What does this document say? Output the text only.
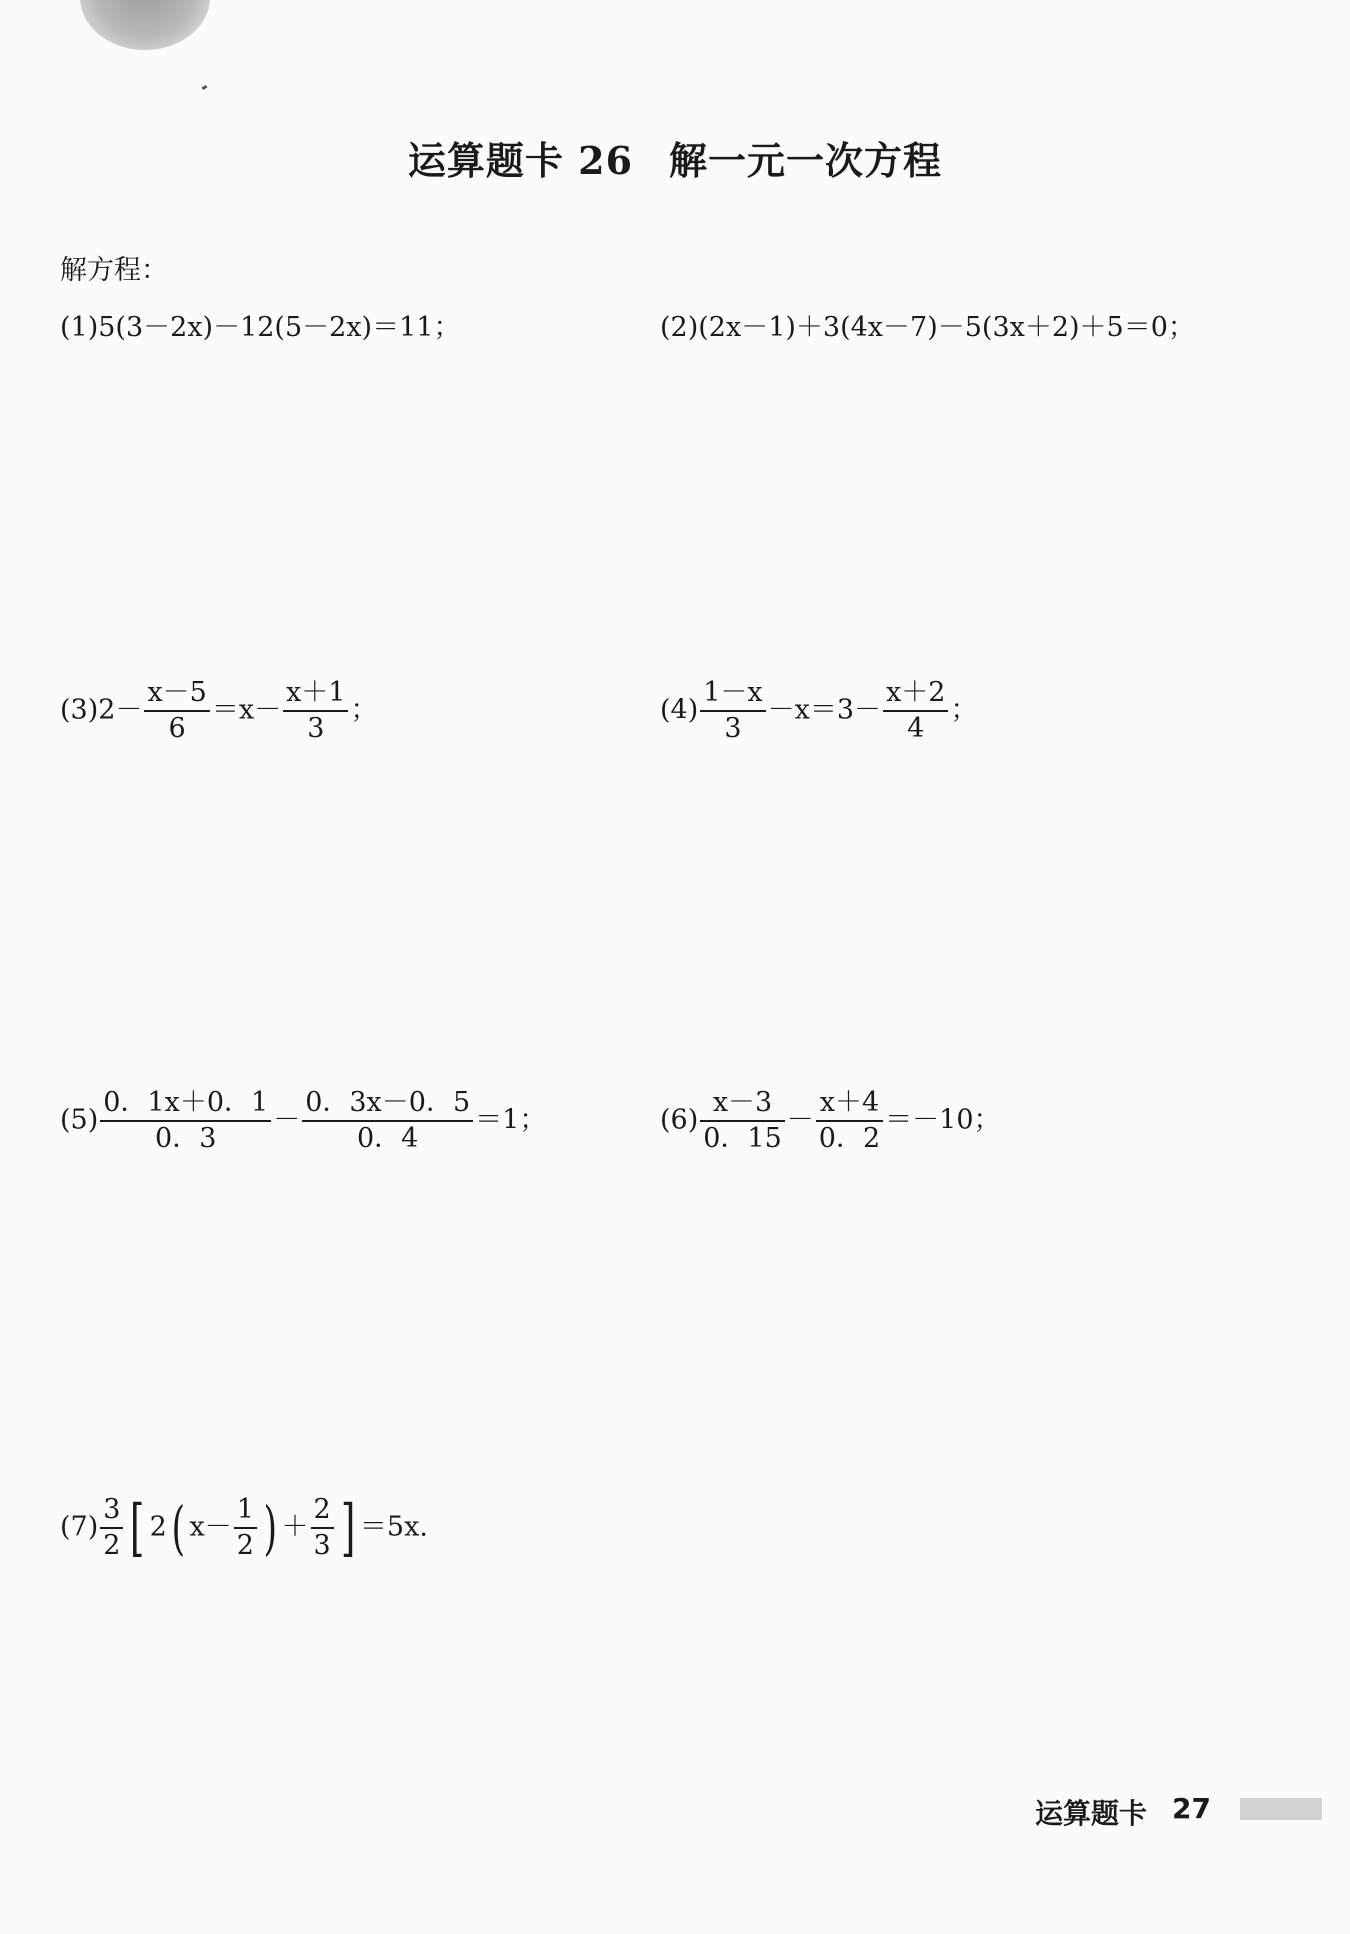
运算题卡 26 解一元一次方程
解方程：
(1)5(3－2x)－12(5－2x)＝11；	(2)(2x－1)＋3(4x－7)－5(3x＋2)＋5＝0；
$(3)2- \frac{x-5}{6} =x- \frac{x+1}{3}$ ；	$(4) \frac{1-x}{3} -x=3- \frac{x+2}{4}$ ；
$(5) \frac{0.1x+0.1}{0.3} - \frac{0.3x-0.5}{0.4} =1$；	$(6) \frac{x-3}{0.15} - \frac{x+4}{0.2} =-10$；
$(7) \frac{3}{2}$ [ 2( $x- \frac{1}{2}$ ) ＋ $\frac{2}{3}$ ] ＝5x.
运算题卡 27
